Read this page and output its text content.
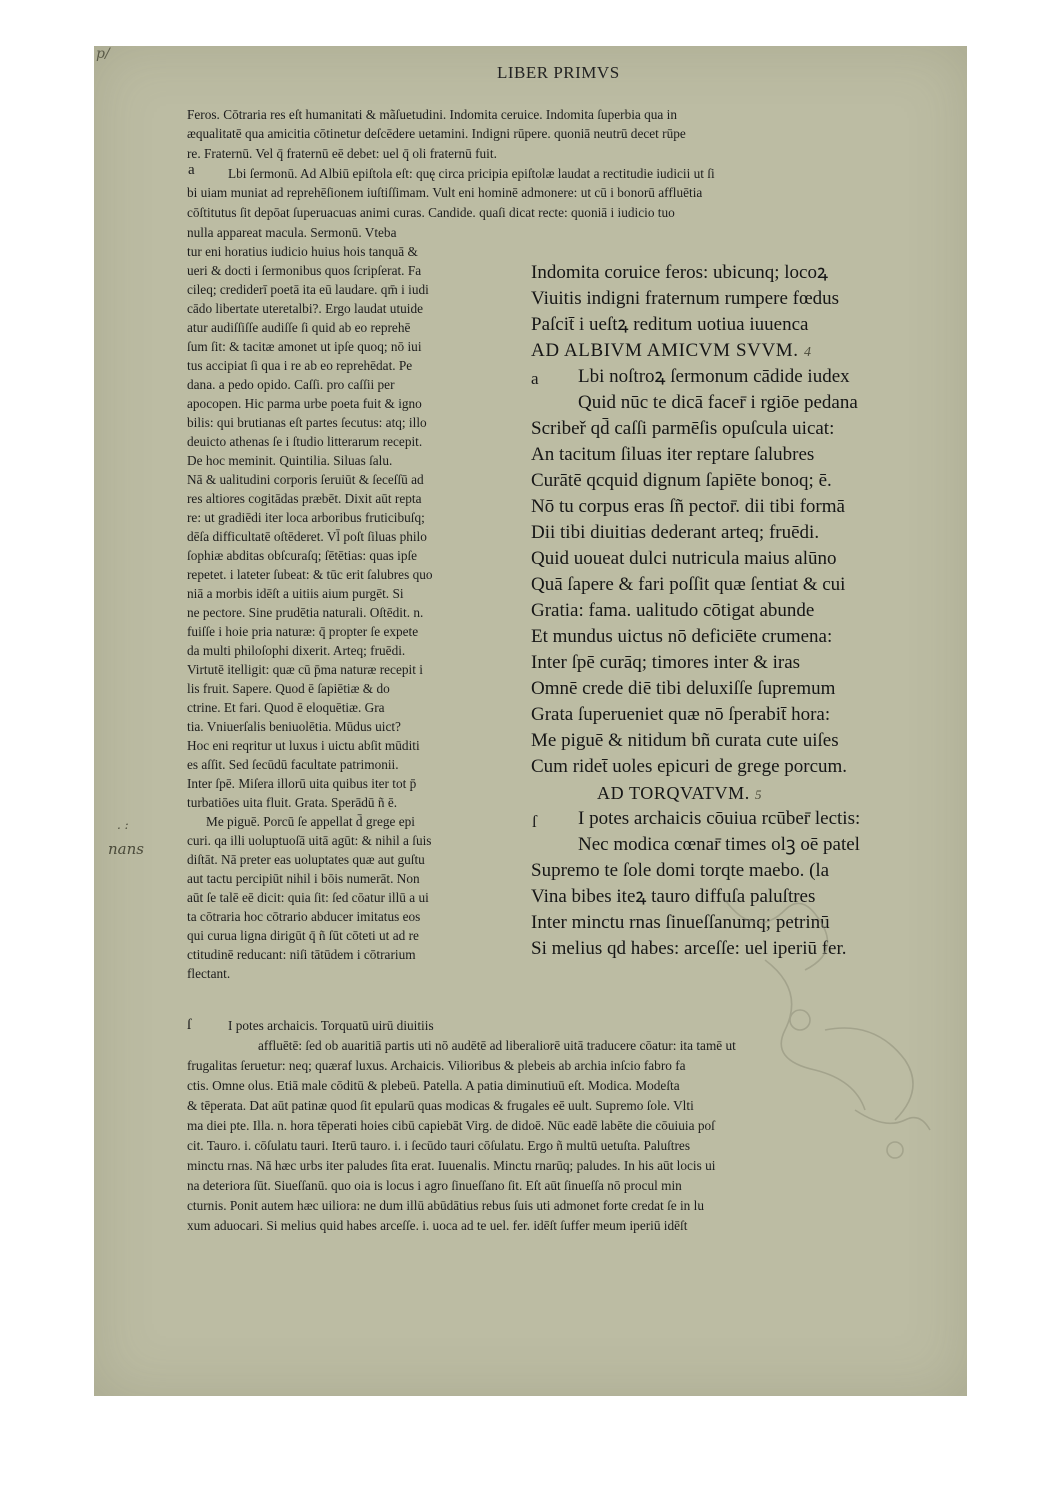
p/
LIBER PRIMVS
Feros. Cōtraria res eſt humanitati & mãſuetudini. Indomita ceruice. Indomita ſuperbia qua in
æqualitatē qua amicitia cōtinetur deſcēdere uetamini. Indigni rūpere. quoniā neutrū decet rūpe
re. Fraternū. Vel q̄ fraternū eē debet: uel q̄ oli fraternū fuit.
Lbi ſermonū. Ad Albiū epiſtola eſt: quę circa pricipia epiſtolæ laudat a rectitudie iudicii ut ſi
bi uiam muniat ad reprehēſionem iuſtiſſimam. Vult eni hominē admonere: ut cū i bonorū affluētia
cōſtitutus ſit depōat ſuperuacuas animi curas. Candide. quaſi dicat recte: quoniā i iudicio tuo
nulla appareat macula. Sermonū. Vteba
a
tur eni horatius iudicio huius hois tanquā &
ueri & docti i ſermonibus quos ſcripſerat. Fa
cileq; crediderī poetā ita eū laudare. qm̄ i iudi
cādo libertate uteretalbi?. Ergo laudat utuide
atur audiſſiſſe audiſſe ſi quid ab eo reprehē
ſum ſit: & tacitæ amonet ut ipſe quoq; nō iui
tus accipiat ſi qua i re ab eo reprehēdat. Pe
dana. a pedo opido. Caſſi. pro caſſii per
apocopen. Hic parma urbe poeta fuit & igno
bilis: qui brutianas eſt partes ſecutus: atq; illo
deuicto athenas ſe i ſtudio litterarum recepit.
De hoc meminit. Quintilia. Siluas ſalu.
Nā & ualitudini corporis ſeruiūt & ſeceſſū ad
res altiores cogitādas præbēt. Dixit aūt repta
re: ut gradiēdi iter loca arboribus fruticibuſq;
dēſa difficultatē oſtēderet. Vl̄ poſt ſiluas philo
ſophiæ abditas obſcuraſq; ſētētias: quas ipſe
repetet. i lateter ſubeat: & tūc erit ſalubres quo
niā a morbis idēſt a uitiis aium purgēt. Si
ne pectore. Sine prudētia naturali. Oſtēdit. n.
fuiſſe i hoie pria naturæ: q̄ propter ſe expete
da multi philoſophi dixerit. Arteq; fruēdi.
Virtutē itelligit: quæ cū p̄ma naturæ recepit i
lis fruit. Sapere. Quod ē ſapiētiæ & do
ctrine. Et fari. Quod ē eloquētiæ. Gra
tia. Vniuerſalis beniuolētia. Mūdus uict?
Hoc eni reqritur ut luxus i uictu abſit mūditi
es aſſit. Sed ſecūdū facultate patrimonii.
Inter ſpē. Miſera illorū uita quibus iter tot p̄
turbatiōes uita fluit. Grata. Sperādū ñ ē.
Me piguē. Porcū ſe appellat d̄ grege epi
curi. qa illi uoluptuoſā uitā agūt: & nihil a ſuis
diſtāt. Nā preter eas uoluptates quæ aut guſtu
aut tactu percipiūt nihil i bōis numerāt. Non
aūt ſe talē eē dicit: quia ſit: ſed cōatur illū a ui
ta cōtraria hoc cōtrario abducer imitatus eos
qui curua ligna dirigūt q̄ ñ ſūt cōteti ut ad re
ctitudinē reducant: niſi tātūdem i cōtrarium
flectant.
Indomita coruice feros: ubicunq; locoꝝ
Viuitis indigni fraternum rumpere fœdus
Paſcit̄ i ueſtꝝ reditum uotiua iuuenca
AD ALBIVM AMICVM SVVM. 4
a Lbi noſtroꝝ ſermonum cādide iudex
Quid nūc te dicā facer̄ i rgiōe pedana
Scribeř qd̄ caſſi parmēſis opuſcula uicat:
An tacitum ſiluas iter reptare ſalubres
Curātē qcquid dignum ſapiēte bonoq; ē.
Nō tu corpus eras ſñ pector̄. dii tibi formā
Dii tibi diuitias dederant arteq; fruēdi.
Quid uoueat dulci nutricula maius alūno
Quā ſapere & fari poſſit quæ ſentiat & cui
Gratia: fama. ualitudo cōtigat abunde
Et mundus uictus nō deficiēte crumena:
Inter ſpē curāq; timores inter & iras
Omnē crede diē tibi deluxiſſe ſupremum
Grata ſuperueniet quæ nō ſperabit̄ hora:
Me piguē & nitidum bñ curata cute uiſes
Cum ridet̄ uoles epicuri de grege porcum.
AD TORQVATVM. 5
ſ I potes archaicis cōuiua rcūber̄ lectis:
Nec modica cœnar̄ times olꝫ oē patel
Supremo te ſole domi torqte maebo. (la
Vina bibes iteꝝ tauro diffuſa paluſtres
Inter minctu rnas ſinueſſanumq; petrinū
Si melius qd habes: arceſſe: uel iperiū fer.
ſ	I potes archaicis. Torquatū uirū diuitiis
affluētē: ſed ob auaritiā partis uti nō audētē ad liberaliorē uitā traducere cōatur: ita tamē ut
frugalitas ſeruetur: neq; quæraf luxus. Archaicis. Vilioribus & plebeis ab archia inſcio fabro fa
ctis. Omne olus. Etiā male cōditū & plebeū. Patella. A patia diminutiuū eſt. Modica. Modeſta
& tēperata. Dat aūt patinæ quod ſit epularū quas modicas & frugales eē uult. Supremo ſole. Vlti
ma diei pte. Illa. n. hora tēperati hoies cibū capiebāt Virg. de didoē. Nūc eadē labēte die cōuiuia poſ
cit. Tauro. i. cōſulatu tauri. Iterū tauro. i. i ſecūdo tauri cōſulatu. Ergo ñ multū uetuſta. Paluſtres
minctu rnas. Nā hæc urbs iter paludes ſita erat. Iuuenalis. Minctu rnarūq; paludes. In his aūt locis ui
na deteriora ſūt. Siueſſanū. quo oia is locus i agro ſinueſſano ſit. Eſt aūt ſinueſſa nō procul min
cturnis. Ponit autem hæc uiliora: ne dum illū abūdātius rebus ſuis uti admonet forte credat ſe in lu
xum aduocari. Si melius quid habes arceſſe. i. uoca ad te uel. fer. idēſt ſuffer meum iperiū idēſt
. :
nans
